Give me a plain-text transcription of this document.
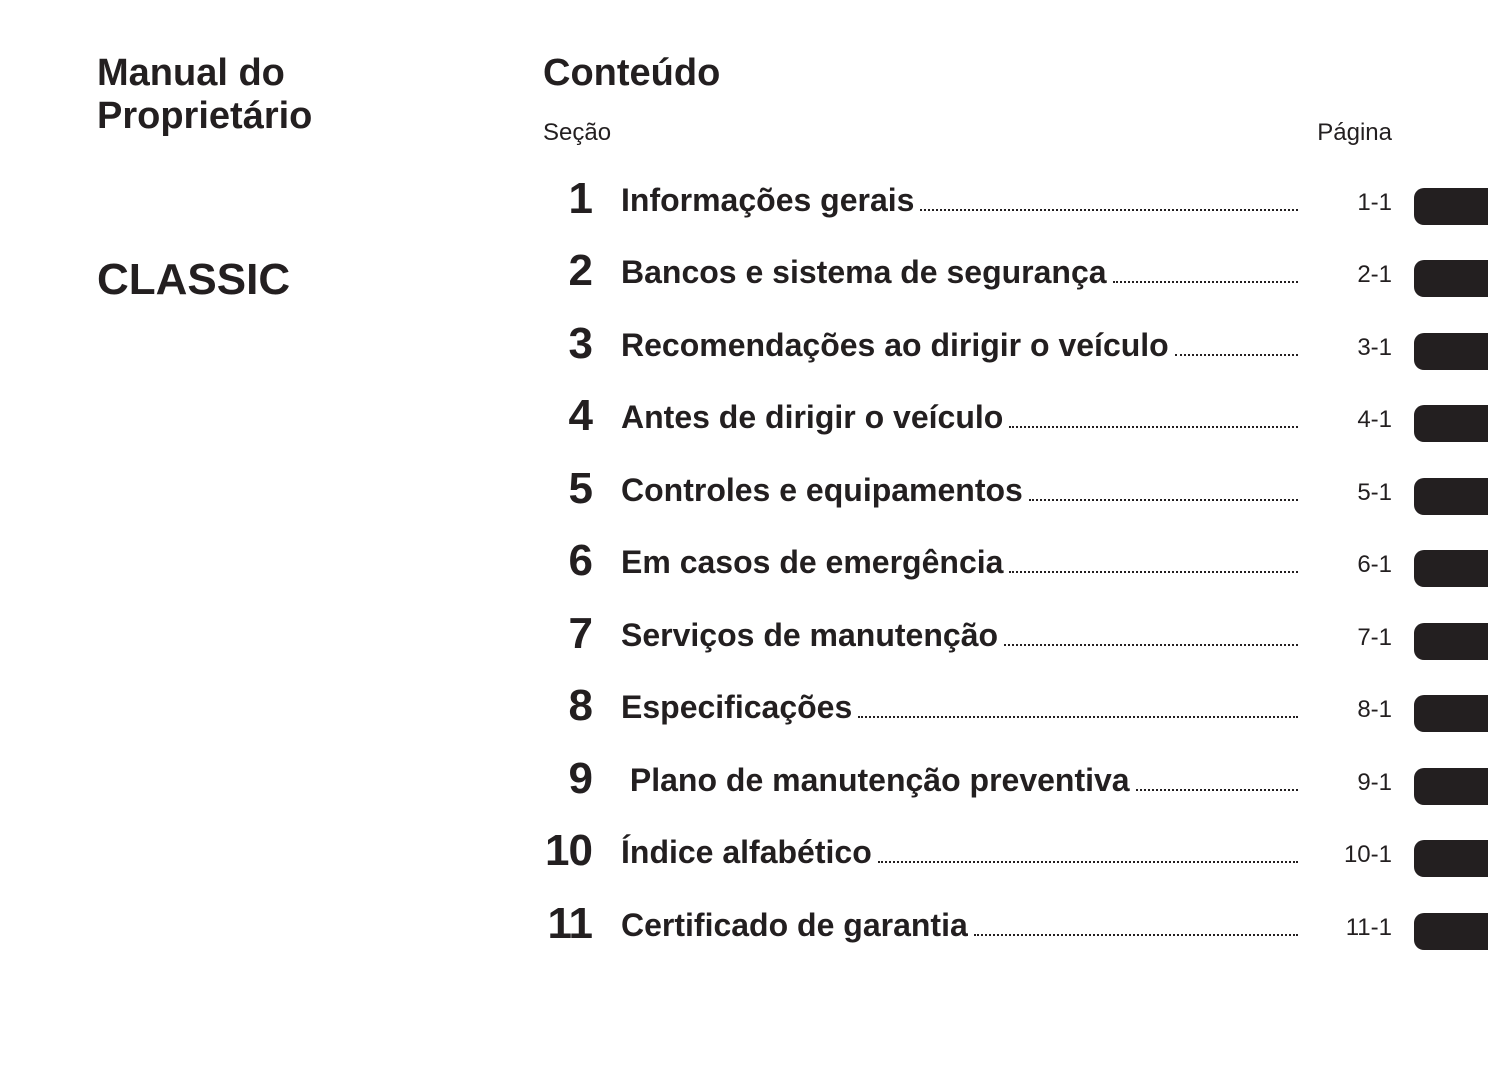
Manual do
Proprietário
CLASSIC
Conteúdo
Seção	Página
1 Informações gerais	1-1
2 Bancos e sistema de segurança	2-1
3 Recomendações ao dirigir o veículo	3-1
4 Antes de dirigir o veículo	4-1
5 Controles e equipamentos	5-1
6 Em casos de emergência	6-1
7 Serviços de manutenção	7-1
8 Especificações	8-1
9 Plano de manutenção preventiva	9-1
10 Índice alfabético	10-1
11 Certificado de garantia	11-1
